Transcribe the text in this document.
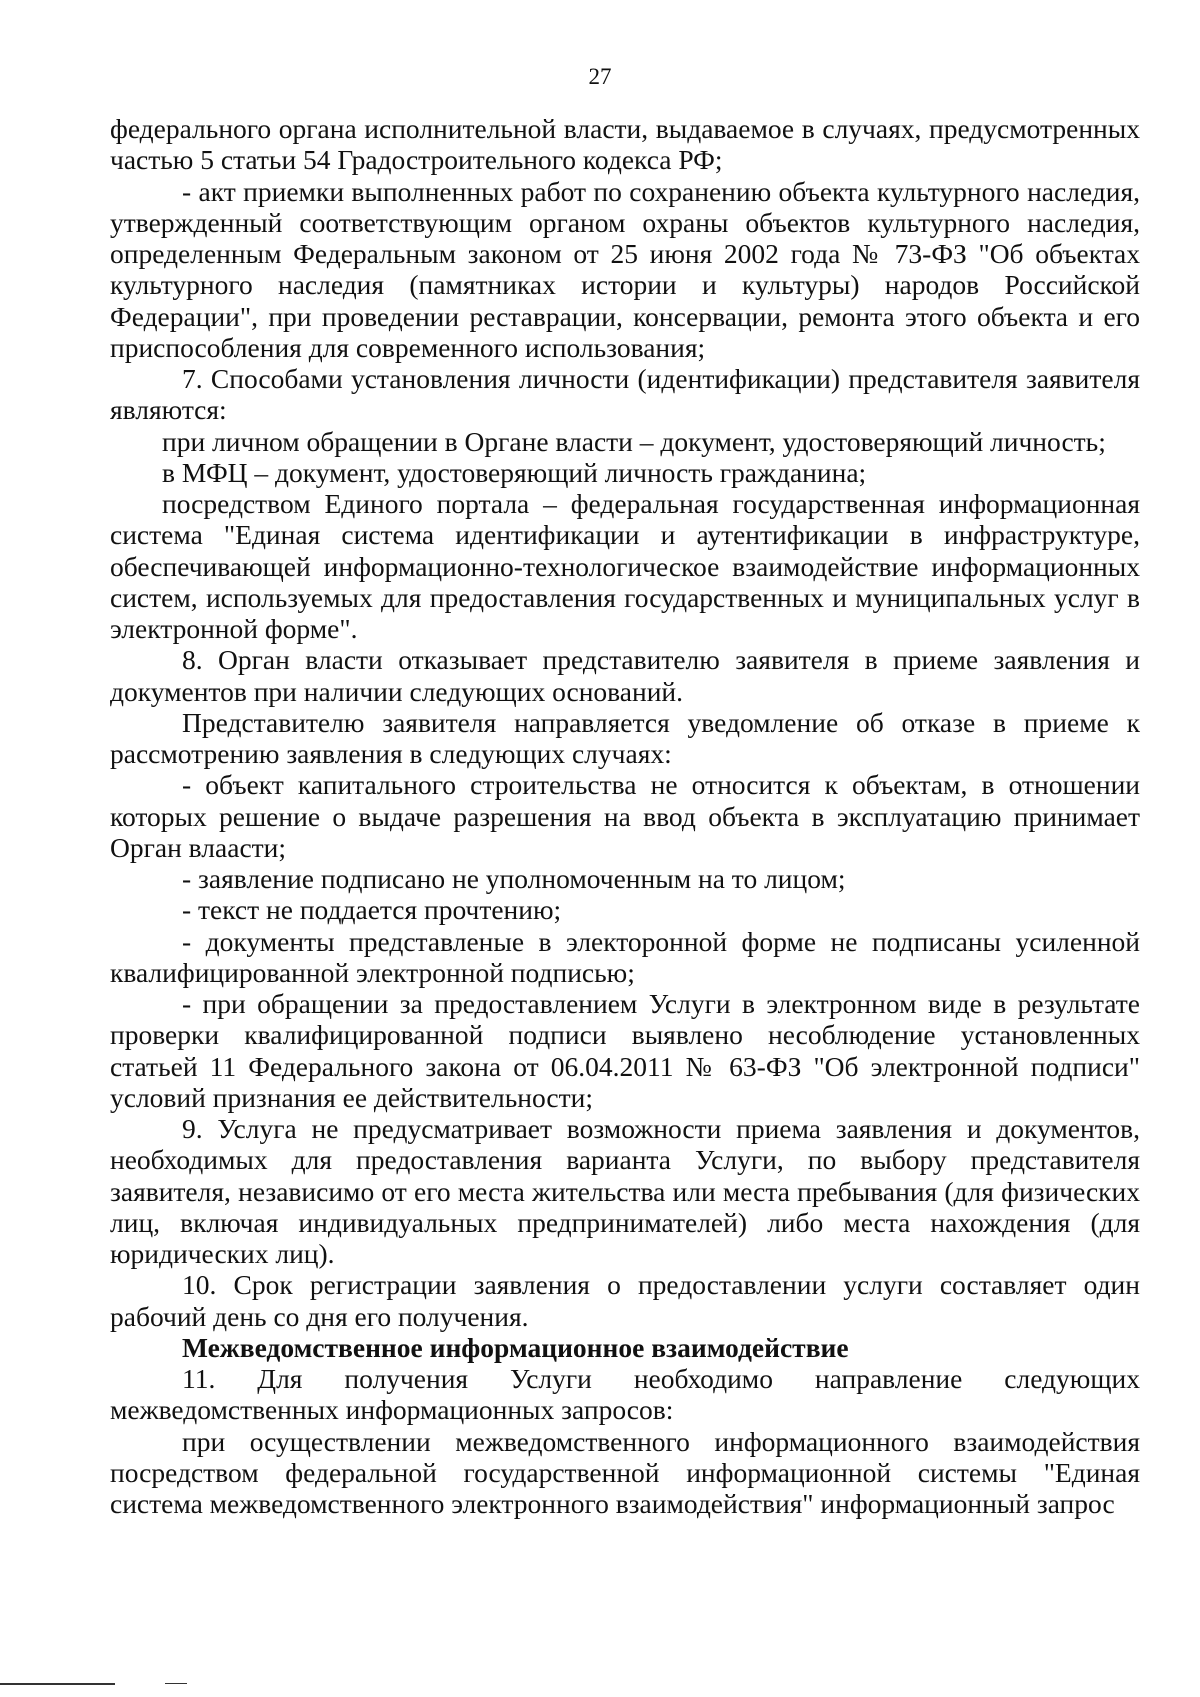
27

федерального органа исполнительной власти, выдаваемое в случаях, предусмотренных частью 5 статьи 54 Градостроительного кодекса РФ;

- акт приемки выполненных работ по сохранению объекта культурного наследия, утвержденный соответствующим органом охраны объектов культурного наследия, определенным Федеральным законом от 25 июня 2002 года № 73-ФЗ "Об объектах культурного наследия (памятниках истории и культуры) народов Российской Федерации", при проведении реставрации, консервации, ремонта этого объекта и его приспособления для современного использования;

7. Способами установления личности (идентификации) представителя заявителя являются:

при личном обращении в Органе власти – документ, удостоверяющий личность;

в МФЦ – документ, удостоверяющий личность гражданина;

посредством Единого портала – федеральная государственная информационная система "Единая система идентификации и аутентификации в инфраструктуре, обеспечивающей информационно-технологическое взаимодействие информационных систем, используемых для предоставления государственных и муниципальных услуг в электронной форме".

8. Орган власти отказывает представителю заявителя в приеме заявления и документов при наличии следующих оснований.

Представителю заявителя направляется уведомление об отказе в приеме к рассмотрению заявления в следующих случаях:

- объект капитального строительства не относится к объектам, в отношении которых решение о выдаче разрешения на ввод объекта в эксплуатацию принимает Орган влаасти;

- заявление подписано не уполномоченным на то лицом;

- текст не поддается прочтению;

- документы представленые в электоронной форме не подписаны усиленной квалифицированной электронной подписью;

- при обращении за предоставлением Услуги в электронном виде в результате проверки квалифицированной подписи выявлено несоблюдение установленных статьей 11 Федерального закона от 06.04.2011 № 63-ФЗ "Об электронной подписи" условий признания ее действительности;

9. Услуга не предусматривает возможности приема заявления и документов, необходимых для предоставления варианта Услуги, по выбору представителя заявителя, независимо от его места жительства или места пребывания (для физических лиц, включая индивидуальных предпринимателей) либо места нахождения (для юридических лиц).

10. Срок регистрации заявления о предоставлении услуги составляет один рабочий день со дня его получения.

Межведомственное информационное взаимодействие

11. Для получения Услуги необходимо направление следующих межведомственных информационных запросов:

при осуществлении межведомственного информационного взаимодействия посредством федеральной государственной информационной системы "Единая система межведомственного электронного взаимодействия" информационный запрос
